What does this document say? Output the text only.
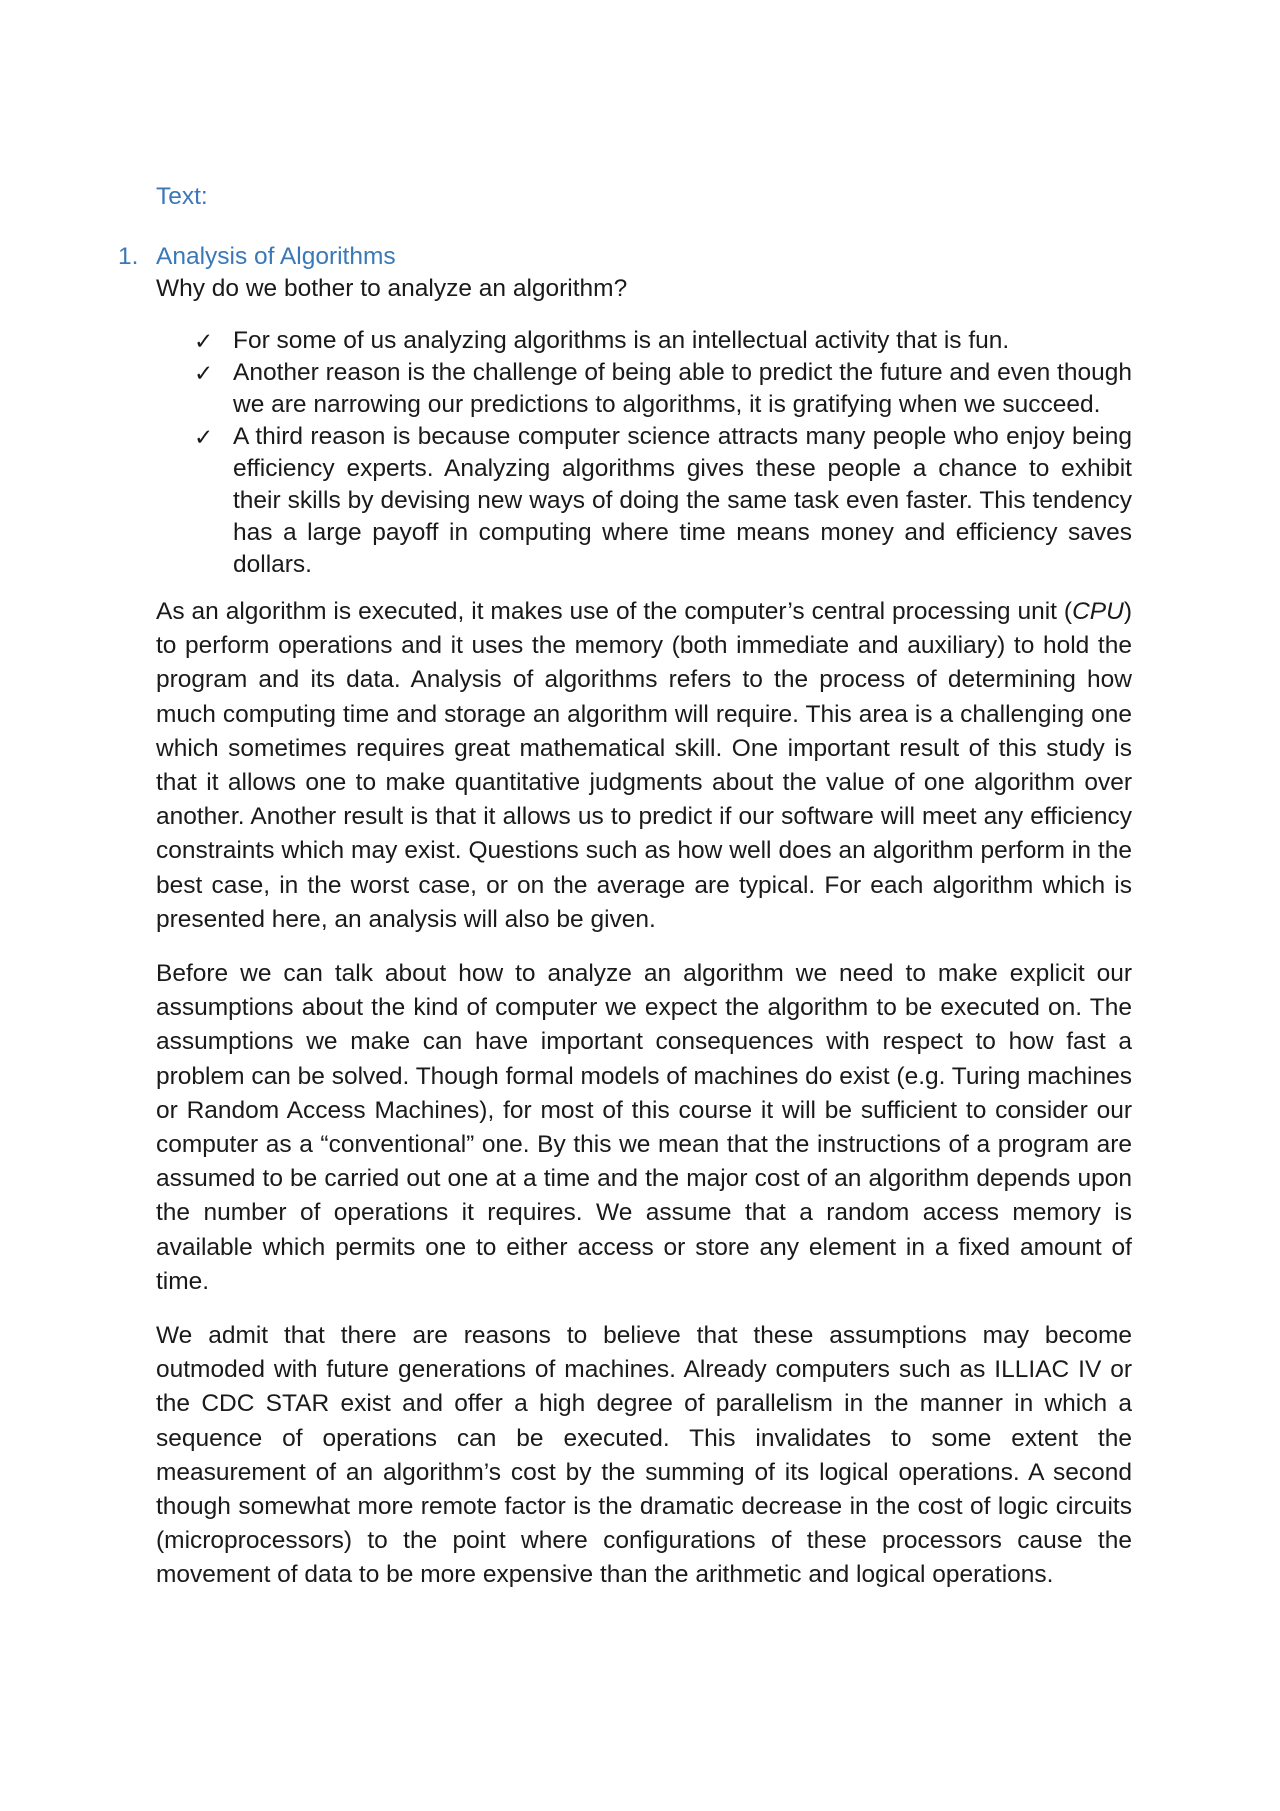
Text:
1. Analysis of Algorithms
Why do we bother to analyze an algorithm?
✓ For some of us analyzing algorithms is an intellectual activity that is fun.
✓ Another reason is the challenge of being able to predict the future and even though we are narrowing our predictions to algorithms, it is gratifying when we succeed.
✓ A third reason is because computer science attracts many people who enjoy being efficiency experts. Analyzing algorithms gives these people a chance to exhibit their skills by devising new ways of doing the same task even faster. This tendency has a large payoff in computing where time means money and efficiency saves dollars.

As an algorithm is executed, it makes use of the computer’s central processing unit (CPU) to perform operations and it uses the memory (both immediate and auxiliary) to hold the program and its data. Analysis of algorithms refers to the process of determining how much computing time and storage an algorithm will require. This area is a challenging one which sometimes requires great mathematical skill. One important result of this study is that it allows one to make quantitative judgments about the value of one algorithm over another. Another result is that it allows us to predict if our software will meet any efficiency constraints which may exist. Questions such as how well does an algorithm perform in the best case, in the worst case, or on the average are typical. For each algorithm which is presented here, an analysis will also be given.

Before we can talk about how to analyze an algorithm we need to make explicit our assumptions about the kind of computer we expect the algorithm to be executed on. The assumptions we make can have important consequences with respect to how fast a problem can be solved. Though formal models of machines do exist (e.g. Turing machines or Random Access Machines), for most of this course it will be sufficient to consider our computer as a “conventional” one. By this we mean that the instructions of a program are assumed to be carried out one at a time and the major cost of an algorithm depends upon the number of operations it requires. We assume that a random access memory is available which permits one to either access or store any element in a fixed amount of time.

We admit that there are reasons to believe that these assumptions may become outmoded with future generations of machines. Already computers such as ILLIAC IV or the CDC STAR exist and offer a high degree of parallelism in the manner in which a sequence of operations can be executed. This invalidates to some extent the measurement of an algorithm’s cost by the summing of its logical operations. A second though somewhat more remote factor is the dramatic decrease in the cost of logic circuits (microprocessors) to the point where configurations of these processors cause the movement of data to be more expensive than the arithmetic and logical operations.
